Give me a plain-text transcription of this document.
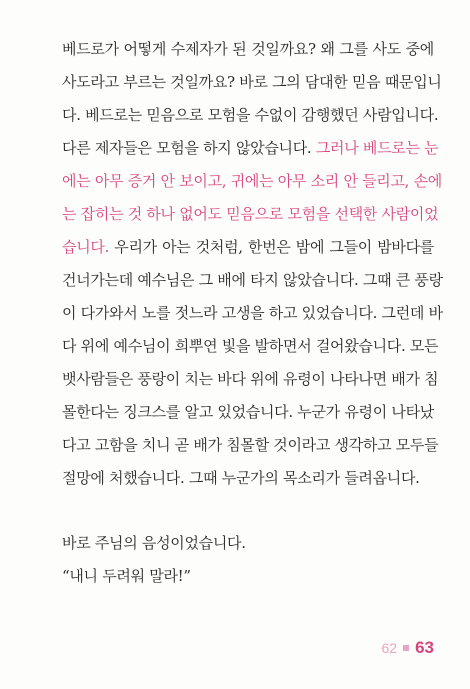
베드로가 어떻게 수제자가 된 것일까요? 왜 그를 사도 중에
사도라고 부르는 것일까요? 바로 그의 담대한 믿음 때문입니
다. 베드로는 믿음으로 모험을 수없이 감행했던 사람입니다.
다른 제자들은 모험을 하지 않았습니다. 그러나 베드로는 눈
에는 아무 증거 안 보이고, 귀에는 아무 소리 안 들리고, 손에
는 잡히는 것 하나 없어도 믿음으로 모험을 선택한 사람이었
습니다. 우리가 아는 것처럼, 한번은 밤에 그들이 밤바다를
건너가는데 예수님은 그 배에 타지 않았습니다. 그때 큰 풍랑
이 다가와서 노를 젓느라 고생을 하고 있었습니다. 그런데 바
다 위에 예수님이 희뿌연 빛을 발하면서 걸어왔습니다. 모든
뱃사람들은 풍랑이 치는 바다 위에 유령이 나타나면 배가 침
몰한다는 징크스를 알고 있었습니다. 누군가 유령이 나타났
다고 고함을 치니 곧 배가 침몰할 것이라고 생각하고 모두들
절망에 처했습니다. 그때 누군가의 목소리가 들려옵니다.
바로 주님의 음성이었습니다.
“내니 두려워 말라!”
62 63
